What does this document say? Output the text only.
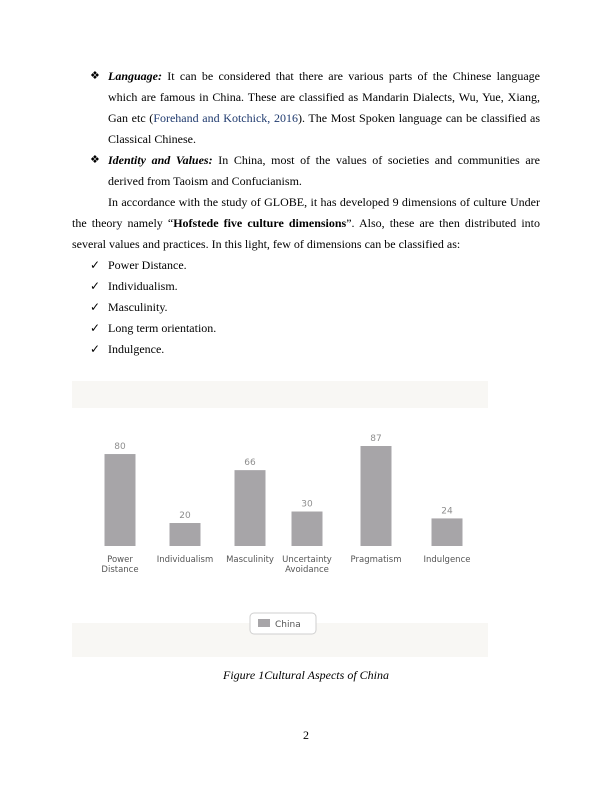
❖ Language: It can be considered that there are various parts of the Chinese language which are famous in China. These are classified as Mandarin Dialects, Wu, Yue, Xiang, Gan etc (Forehand and Kotchick, 2016). The Most Spoken language can be classified as Classical Chinese.
❖ Identity and Values: In China, most of the values of societies and communities are derived from Taoism and Confucianism.
In accordance with the study of GLOBE, it has developed 9 dimensions of culture Under the theory namely “Hofstede five culture dimensions”. Also, these are then distributed into several values and practices. In this light, few of dimensions can be classified as:
✓ Power Distance.
✓ Individualism.
✓ Masculinity.
✓ Long term orientation.
✓ Indulgence.
80
Power
Distance
20
Individualism
66
Masculinity
30
Uncertainty
Avoidance
87
Pragmatism
24
Indulgence
China
Figure 1Cultural Aspects of China
2
